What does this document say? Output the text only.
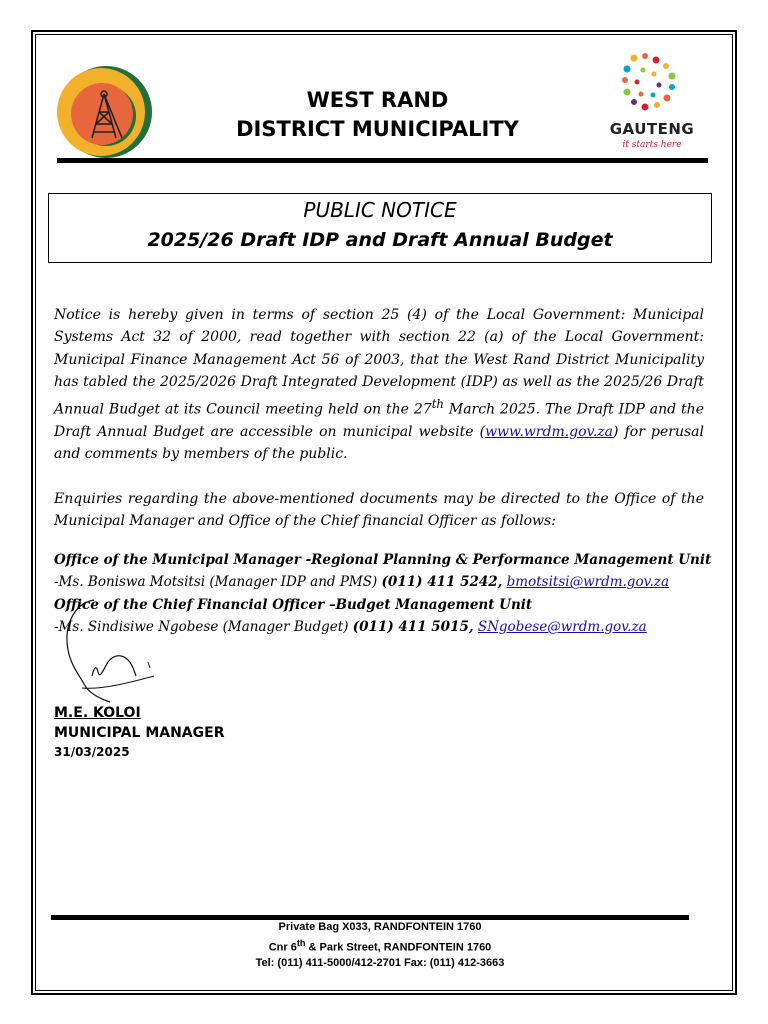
WEST RAND
DISTRICT MUNICIPALITY	GAUTENG
it starts here
PUBLIC NOTICE
2025/26 Draft IDP and Draft Annual Budget

Notice is hereby given in terms of section 25 (4) of the Local Government: Municipal Systems Act 32 of 2000, read together with section 22 (a) of the Local Government: Municipal Finance Management Act 56 of 2003, that the West Rand District Municipality has tabled the 2025/2026 Draft Integrated Development (IDP) as well as the 2025/26 Draft Annual Budget at its Council meeting held on the 27th March 2025. The Draft IDP and the Draft Annual Budget are accessible on municipal website (www.wrdm.gov.za) for perusal and comments by members of the public.

Enquiries regarding the above-mentioned documents may be directed to the Office of the Municipal Manager and Office of the Chief financial Officer as follows:

Office of the Municipal Manager -Regional Planning & Performance Management Unit
-Ms. Boniswa Motsitsi (Manager IDP and PMS) (011) 411 5242, bmotsitsi@wrdm.gov.za
Office of the Chief Financial Officer –Budget Management Unit
-Ms. Sindisiwe Ngobese (Manager Budget) (011) 411 5015, SNgobese@wrdm.gov.za
M.E. KOLOI
MUNICIPAL MANAGER
31/03/2025
Private Bag X033, RANDFONTEIN 1760
Cnr 6th & Park Street, RANDFONTEIN 1760
Tel: (011) 411-5000/412-2701 Fax: (011) 412-3663
